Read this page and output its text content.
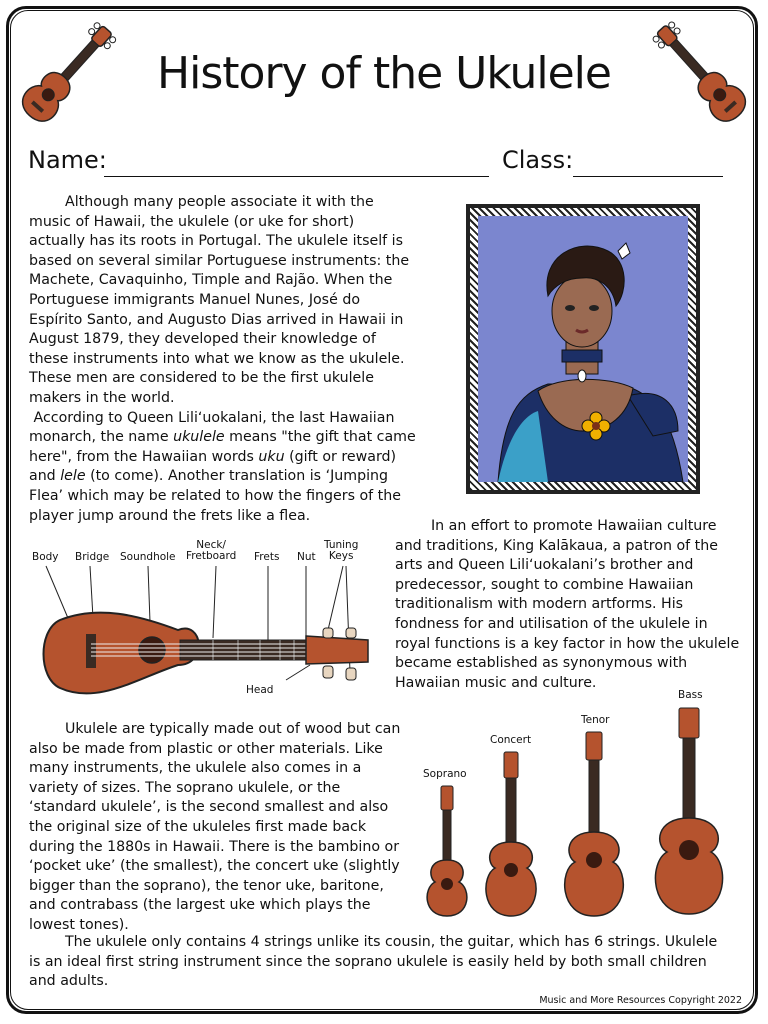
History of the Ukulele
Name:	Class:

Although many people associate it with the

music of Hawaii, the ukulele (or uke for short)

actually has its roots in Portugal. The ukulele itself is

based on several similar Portuguese instruments: the

Machete, Cavaquinho, Timple and Rajão. When the

Portuguese immigrants Manuel Nunes, José do

Espírito Santo, and Augusto Dias arrived in Hawaii in

August 1879, they developed their knowledge of

these instruments into what we know as the ukulele.

These men are considered to be the first ukulele

makers in the world.

According to Queen Liliʻuokalani, the last Hawaiian

monarch, the name ukulele means "the gift that came

here", from the Hawaiian words uku (gift or reward)

and lele (to come). Another translation is ‘Jumping

Flea’ which may be related to how the fingers of the

player jump around the frets like a flea.

Body Bridge Soundhole
Neck/
Fretboard Frets Nut
Tuning
Keys
Head

In an effort to promote Hawaiian culture

and traditions, King Kalākaua, a patron of the

arts and Queen Liliʻuokalani’s brother and

predecessor, sought to combine Hawaiian

traditionalism with modern artforms. His

fondness for and utilisation of the ukulele in

royal functions is a key factor in how the ukulele

became established as synonymous with

Hawaiian music and culture.

Ukulele are typically made out of wood but can

also be made from plastic or other materials. Like

many instruments, the ukulele also comes in a

variety of sizes. The soprano ukulele, or the

‘standard ukulele’, is the second smallest and also

the original size of the ukuleles first made back

during the 1880s in Hawaii. There is the bambino or

‘pocket uke’ (the smallest), the concert uke (slightly

bigger than the soprano), the tenor uke, baritone,

and contrabass (the largest uke which plays the

lowest tones).

Soprano
Concert
Tenor
Bass

The ukulele only contains 4 strings unlike its cousin, the guitar, which has 6 strings. Ukulele

is an ideal first string instrument since the soprano ukulele is easily held by both small children

and adults.

Music and More Resources Copyright 2022
